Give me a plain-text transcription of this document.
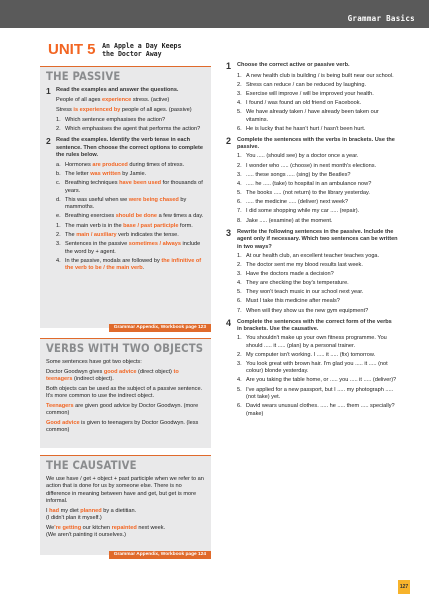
Grammar Basics
UNIT 5 An Apple a Day Keeps
the Doctor Away
THE PASSIVE
1 Read the examples and answer the questions.

People of all ages experience stress. (active)

Stress is experienced by people of all ages. (passive)

1. Which sentence emphasises the action?
2. Which emphasises the agent that performs the action?
2 Read the examples. Identify the verb tense in each sentence. Then choose the correct options to complete the rules below.
a. Hormones are produced during times of stress.
b. The letter was written by Jamie.
c. Breathing techniques have been used for thousands of years.
d. This was useful when we were being chased by mammoths.
e. Breathing exercises should be done a few times a day.
1. The main verb is in the base / past participle form.
2. The main / auxiliary verb indicates the tense.
3. Sentences in the passive sometimes / always include the word by + agent.
4. In the passive, modals are followed by the infinitive of the verb to be / the main verb.
Grammar Appendix, Workbook page 123
VERBS WITH TWO OBJECTS

Some sentences have got two objects:

Doctor Goodwyn gives good advice (direct object) to teenagers (indirect object).

Both objects can be used as the subject of a passive sentence. It's more common to use the indirect object.

Teenagers are given good advice by Doctor Goodwyn. (more common)

Good advice is given to teenagers by Doctor Goodwyn. (less common)

THE CAUSATIVE

We use have / get + object + past participle when we refer to an action that is done for us by someone else. There is no difference in meaning between have and get, but get is more informal.

I had my diet planned by a dietitian.
(I didn't plan it myself.)

We're getting our kitchen repainted next week.
(We aren't painting it ourselves.)

Grammar Appendix, Workbook page 124
1	Choose the correct active or passive verb.
1. A new health club is building / is being built near our school.
2. Stress can reduce / can be reduced by laughing.
3. Exercise will improve / will be improved your health.
4. I found / was found an old friend on Facebook.
5. We have already taken / have already been taken our vitamins.
6. He is lucky that he hasn't hurt / hasn't been hurt.
2	Complete the sentences with the verbs in brackets. Use the passive.
1. You ..... (should see) by a doctor once a year.
2. I wonder who ..... (choose) in next month's elections.
3. ..... these songs ..... (sing) by the Beatles?
4. ..... he ..... (take) to hospital in an ambulance now?
5. The books ..... (not return) to the library yesterday.
6. ..... the medicine ..... (deliver) next week?
7. I did some shopping while my car ..... (repair).
8. Jake ..... (examine) at the moment.
3	Rewrite the following sentences in the passive. Include the agent only if necessary. Which two sentences can be written in two ways?
1. At our health club, an excellent teacher teaches yoga.
2. The doctor sent me my blood results last week.
3. Have the doctors made a decision?
4. They are checking the boy's temperature.
5. They won't teach music in our school next year.
6. Must I take this medicine after meals?
7. When will they show us the new gym equipment?
4	Complete the sentences with the correct form of the verbs in brackets. Use the causative.
1. You shouldn't make up your own fitness programme. You should ..... it ..... (plan) by a personal trainer.
2. My computer isn't working. I ..... it ..... (fix) tomorrow.
3. You look great with brown hair. I'm glad you ..... it ..... (not colour) blonde yesterday.
4. Are you taking the table home, or ..... you ..... it ..... (deliver)?
5. I've applied for a new passport, but I ..... my photograph ..... (not take) yet.
6. David wears unusual clothes. ..... he ..... them ..... specially? (make)
127
